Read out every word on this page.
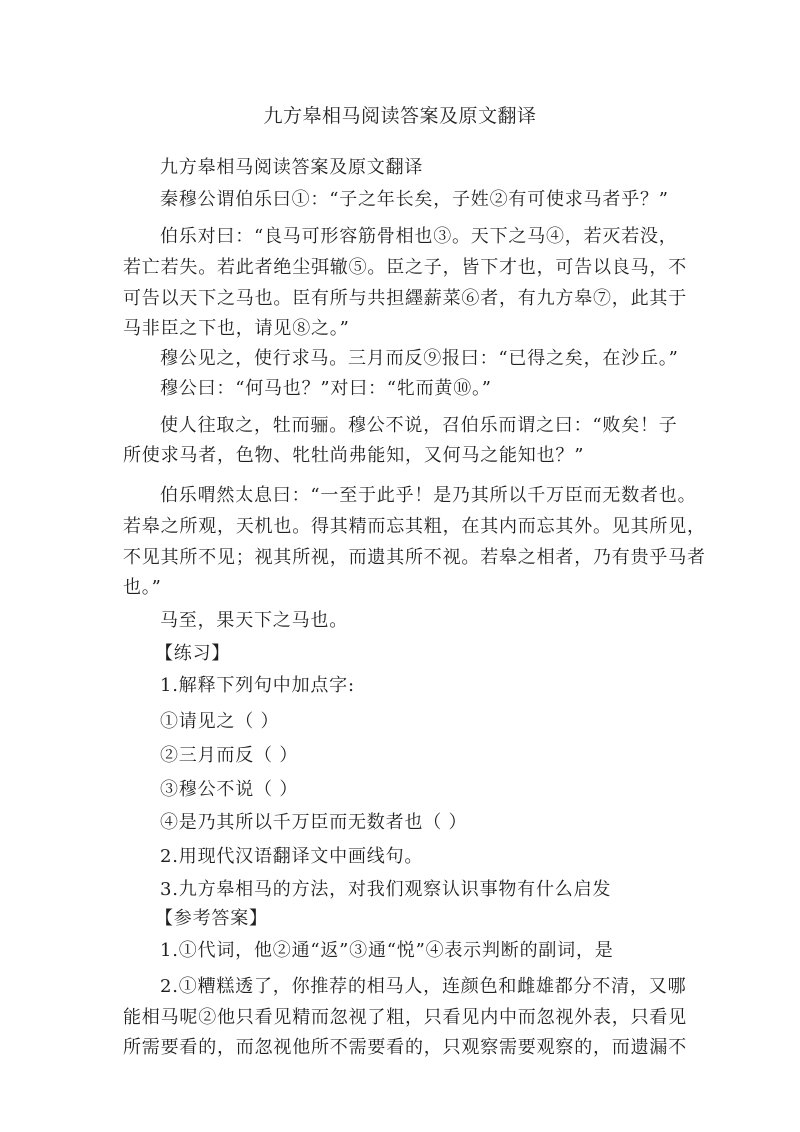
九方皋相马阅读答案及原文翻译
九方皋相马阅读答案及原文翻译
秦穆公谓伯乐曰①：“子之年长矣，子姓②有可使求马者乎？”
伯乐对曰：“良马可形容筋骨相也③。天下之马④，若灭若没，
若亡若失。若此者绝尘弭辙⑤。臣之子，皆下才也，可告以良马，不
可告以天下之马也。臣有所与共担纆薪菜⑥者，有九方皋⑦，此其于
马非臣之下也，请见⑧之。”
穆公见之，使行求马。三月而反⑨报曰：“已得之矣，在沙丘。”
穆公曰：“何马也？”对曰：“牝而黄⑩。”
使人往取之，牡而骊。穆公不说，召伯乐而谓之曰：“败矣！子
所使求马者，色物、牝牡尚弗能知，又何马之能知也？”
伯乐喟然太息曰：“一至于此乎！是乃其所以千万臣而无数者也。
若皋之所观，天机也。得其精而忘其粗，在其内而忘其外。见其所见，
不见其所不见；视其所视，而遗其所不视。若皋之相者，乃有贵乎马者
也。”
马至，果天下之马也。
【练习】
1.解释下列句中加点字:
①请见之（ ）
②三月而反（ ）
③穆公不说（ ）
④是乃其所以千万臣而无数者也（ ）
2.用现代汉语翻译文中画线句。
3.九方皋相马的方法，对我们观察认识事物有什么启发
【参考答案】
1.①代词，他②通“返”③通“悦”④表示判断的副词，是
2.①糟糕透了，你推荐的相马人，连颜色和雌雄都分不清，又哪
能相马呢②他只看见精而忽视了粗，只看见内中而忽视外表，只看见
所需要看的，而忽视他所不需要看的，只观察需要观察的，而遗漏不
